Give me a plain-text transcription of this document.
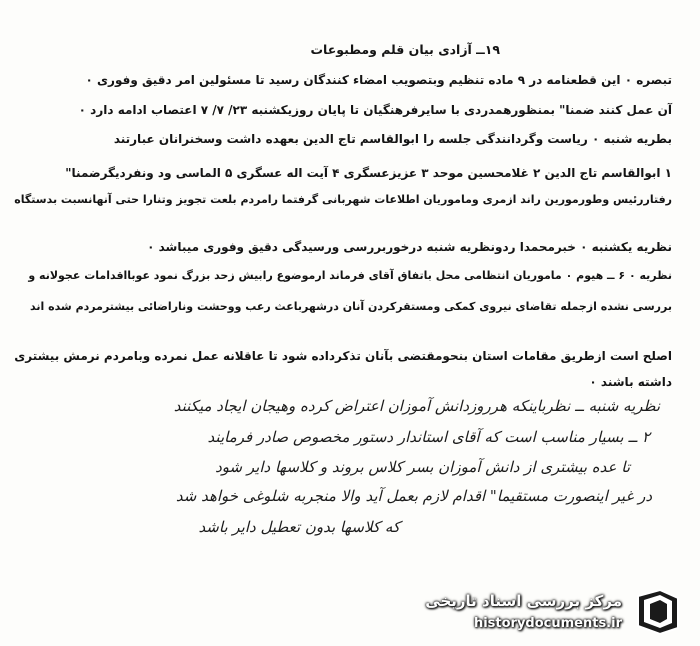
۱۹ــ آزادی بیان قلم ومطبوعات
تبصره ۰ این قطعنامه در ۹ ماده تنظیم وبتصویب امضاء کنندگان رسید تا مسئولین امر دقیق وفوری ۰
آن عمل کنند ضمنا" بمنظورهمدردی با سایرفرهنگیان تا پایان روزیکشنبه ۲۳/ ۷/ ۷ اعتصاب ادامه دارد ۰
بطریه شنبه ۰ ریاست وگردانندگی جلسه را ابوالقاسم تاج الدین بعهده داشت وسخنرانان عبارتند
۱ ابوالقاسم تاج الدین ۲ غلامحسین موحد ۳ عزیزعسگری ۴ آیت اله عسگری ۵ الماسی ود ونفردیگرضمنا"
رفتاررئیس وطورمورین راند ازمری وماموریان اطلاعات شهربانی گرفتما رامردم بلعت تجویز وتنارا حتی آنهانسبت بدستگاه
نظریه یکشنبه ۰ خبرمحمدا ردونظریه شنبه درخوربررسی ورسیدگی دقیق وفوری میباشد ۰
نظریه ۰ ۶ ــ هیوم ۰ ماموریان انتظامی محل باتفاق آقای فرماند ارموضوع رابیش زحد بزرگ نمود عوبااقدامات عجولانه و
بررسی نشده ازجمله تقاضای نیروی کمکی ومستقرکردن آنان درشهرباعث رعب ووحشت وناراضائی بیشترمردم شده اند
اصلح است ازطریق مقامات استان بنحومقتضی بآنان تذکرداده شود تا عاقلانه عمل نمرده وبامردم نرمش بیشتری
داشته باشند ۰
نظریه شنبه ــ نظرباینکه هرروزدانش آموزان اعتراض کرده وهیجان ایجاد میکنند
۲ ــ بسیار مناسب است که آقای استاندار دستور مخصوص صادر فرمایند
تا عده بیشتری از دانش آموزان بسر کلاس بروند و کلاسها دایر شود
در غیر اینصورت مستقیما" اقدام لازم بعمل آید والا منجربه شلوغی خواهد شد
که کلاسها بدون تعطیل دایر باشد
مرکز بررسی اسناد تاریخی
historydocuments.ir
